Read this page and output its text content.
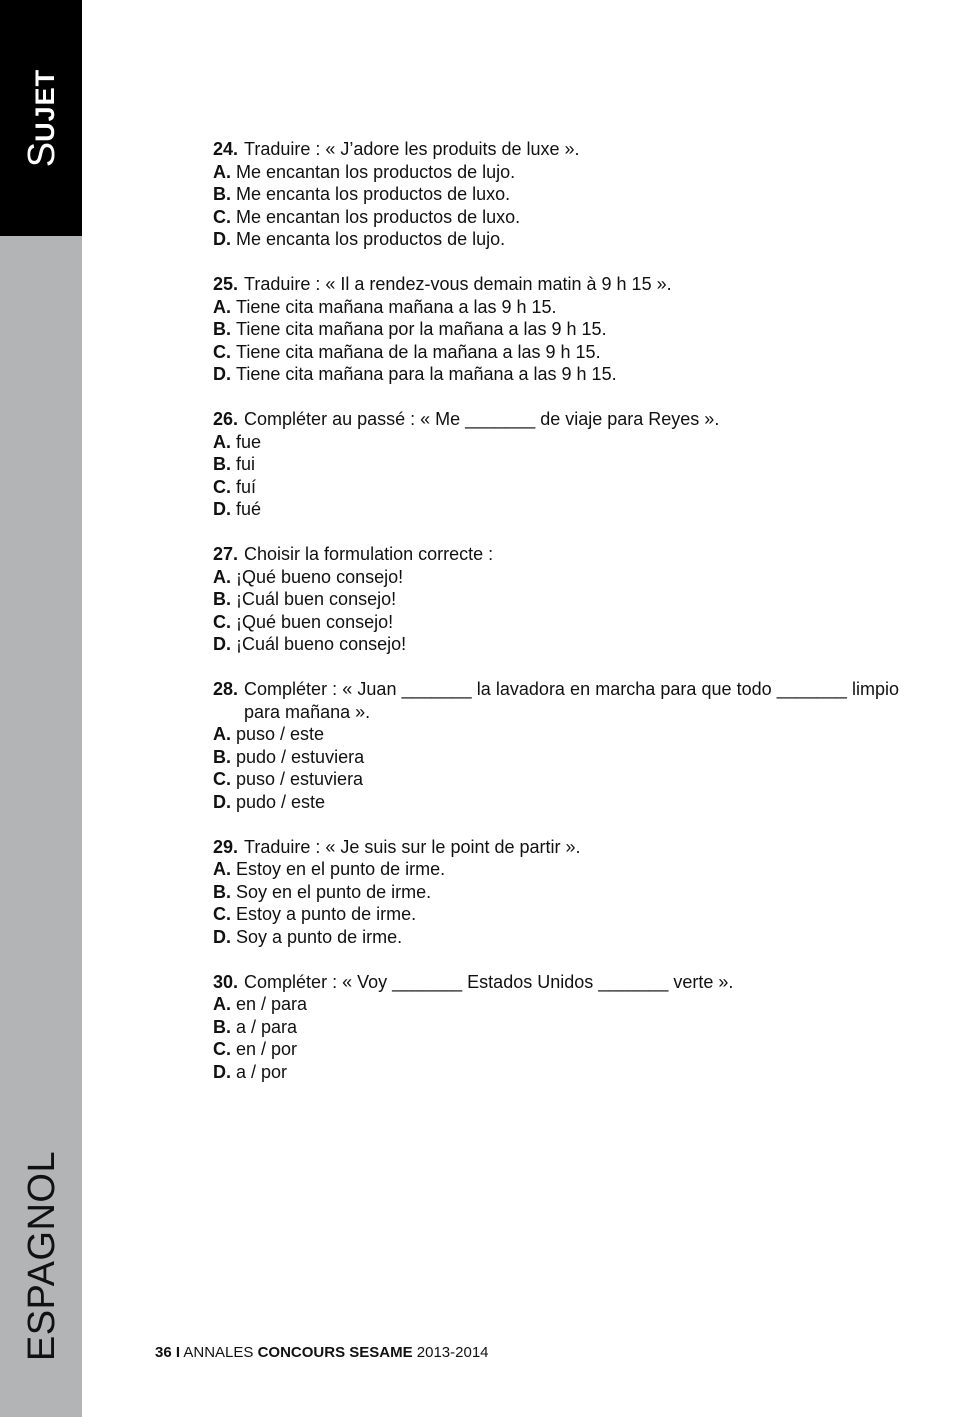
SUJET
ESPAGNOL
24. Traduire : « J’adore les produits de luxe ».
A. Me encantan los productos de lujo.
B. Me encanta los productos de luxo.
C. Me encantan los productos de luxo.
D. Me encanta los productos de lujo.
25. Traduire : « Il a rendez-vous demain matin à 9 h 15 ».
A. Tiene cita mañana mañana a las 9 h 15.
B. Tiene cita mañana por la mañana a las 9 h 15.
C. Tiene cita mañana de la mañana a las 9 h 15.
D. Tiene cita mañana para la mañana a las 9 h 15.
26. Compléter au passé : « Me _______ de viaje para Reyes ».
A. fue
B. fui
C. fuí
D. fué
27. Choisir la formulation correcte :
A. ¡Qué bueno consejo!
B. ¡Cuál buen consejo!
C. ¡Qué buen consejo!
D. ¡Cuál bueno consejo!
28. Compléter : « Juan _______ la lavadora en marcha para que todo _______ limpio para mañana ».
A. puso / este
B. pudo / estuviera
C. puso / estuviera
D. pudo / este
29. Traduire : « Je suis sur le point de partir ».
A. Estoy en el punto de irme.
B. Soy en el punto de irme.
C. Estoy a punto de irme.
D. Soy a punto de irme.
30. Compléter : « Voy _______ Estados Unidos _______ verte ».
A. en / para
B. a / para
C. en / por
D. a / por
36 I ANNALES CONCOURS SESAME 2013-2014
